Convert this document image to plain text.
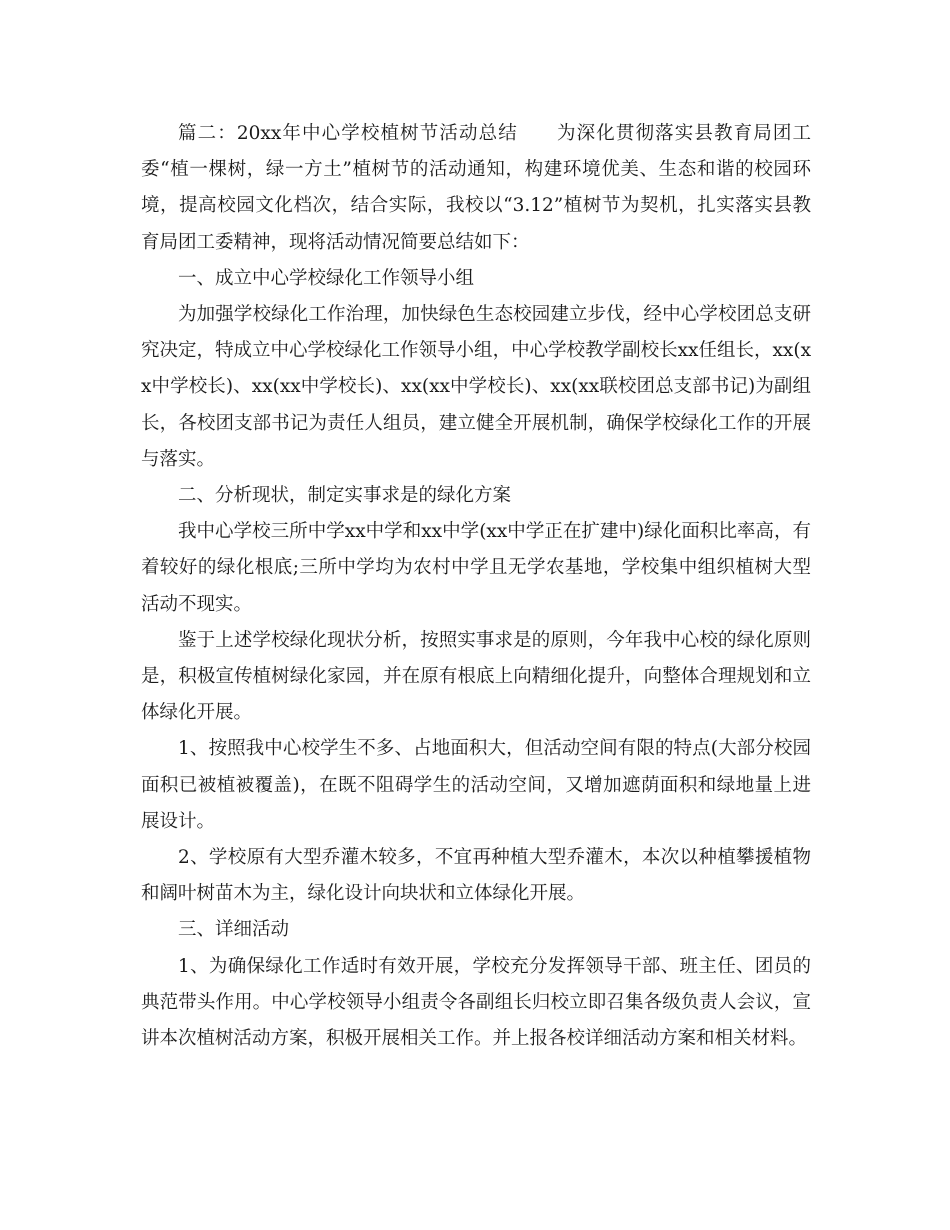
篇二：20xx年中心学校植树节活动总结　　为深化贯彻落实县教育局团工委“植一棵树，绿一方土”植树节的活动通知，构建环境优美、生态和谐的校园环境，提高校园文化档次，结合实际，我校以“3.12”植树节为契机，扎实落实县教育局团工委精神，现将活动情况简要总结如下：

一、成立中心学校绿化工作领导小组

为加强学校绿化工作治理，加快绿色生态校园建立步伐，经中心学校团总支研究决定，特成立中心学校绿化工作领导小组，中心学校教学副校长xx任组长，xx(xx中学校长)、xx(xx中学校长)、xx(xx中学校长)、xx(xx联校团总支部书记)为副组长，各校团支部书记为责任人组员，建立健全开展机制，确保学校绿化工作的开展与落实。

二、分析现状，制定实事求是的绿化方案

我中心学校三所中学xx中学和xx中学(xx中学正在扩建中)绿化面积比率高，有着较好的绿化根底;三所中学均为农村中学且无学农基地，学校集中组织植树大型活动不现实。

鉴于上述学校绿化现状分析，按照实事求是的原则，今年我中心校的绿化原则是，积极宣传植树绿化家园，并在原有根底上向精细化提升，向整体合理规划和立体绿化开展。

1、按照我中心校学生不多、占地面积大，但活动空间有限的特点(大部分校园面积已被植被覆盖)，在既不阻碍学生的活动空间，又增加遮荫面积和绿地量上进展设计。

2、学校原有大型乔灌木较多，不宜再种植大型乔灌木，本次以种植攀援植物和阔叶树苗木为主，绿化设计向块状和立体绿化开展。

三、详细活动

1、为确保绿化工作适时有效开展，学校充分发挥领导干部、班主任、团员的典范带头作用。中心学校领导小组责令各副组长归校立即召集各级负责人会议，宣讲本次植树活动方案，积极开展相关工作。并上报各校详细活动方案和相关材料。
